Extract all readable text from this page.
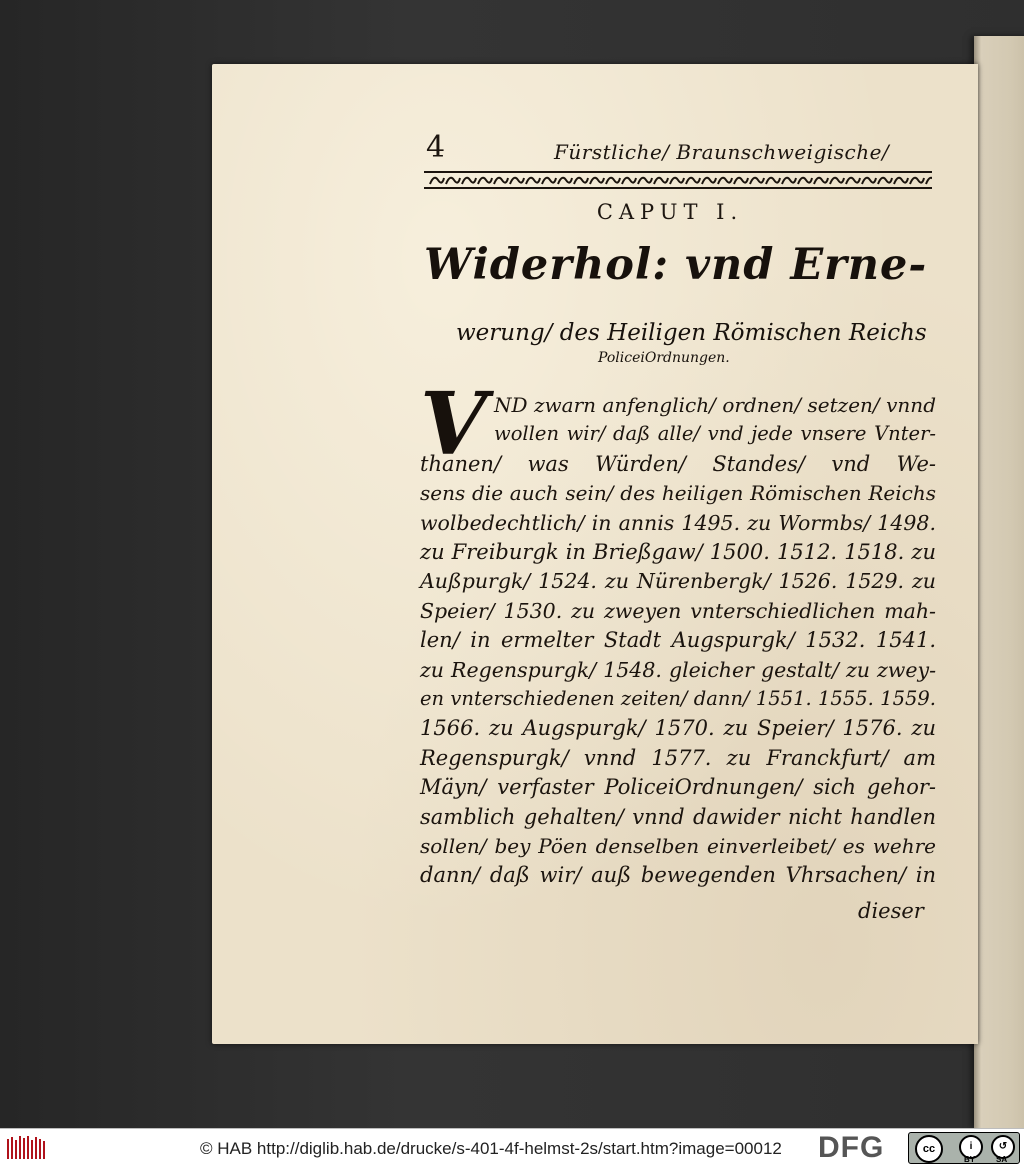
4	Fürstliche/ Braunschweigische/
CAPUT I.
Widerhol: vnd Erne-
werung/ des Heiligen Römischen Reichs
PoliceiOrdnungen.
V ND zwarn anfenglich/ ordnen/ setzen/ vnnd
wollen wir/ daß alle/ vnd jede vnsere Vnter-
thanen/ was Würden/ Standes/ vnd We-
sens die auch sein/ des heiligen Römischen Reichs
wolbedechtlich/ in annis 1495. zu Wormbs/ 1498.
zu Freiburgk in Brießgaw/ 1500. 1512. 1518. zu
Außpurgk/ 1524. zu Nürenbergk/ 1526. 1529. zu
Speier/ 1530. zu zweyen vnterschiedlichen mah-
len/ in ermelter Stadt Augspurgk/ 1532. 1541.
zu Regenspurgk/ 1548. gleicher gestalt/ zu zwey-
en vnterschiedenen zeiten/ dann/ 1551. 1555. 1559.
1566. zu Augspurgk/ 1570. zu Speier/ 1576. zu
Regenspurgk/ vnnd 1577. zu Franckfurt/ am
Mäyn/ verfaster PoliceiOrdnungen/ sich gehor-
samblich gehalten/ vnnd dawider nicht handlen
sollen/ bey Pöen denselben einverleibet/ es wehre
dann/ daß wir/ auß bewegenden Vhrsachen/ in
dieser
© HAB http://diglib.hab.de/drucke/s-401-4f-helmst-2s/start.htm?image=00012 DFG	cc	i	↺
BY	SA
